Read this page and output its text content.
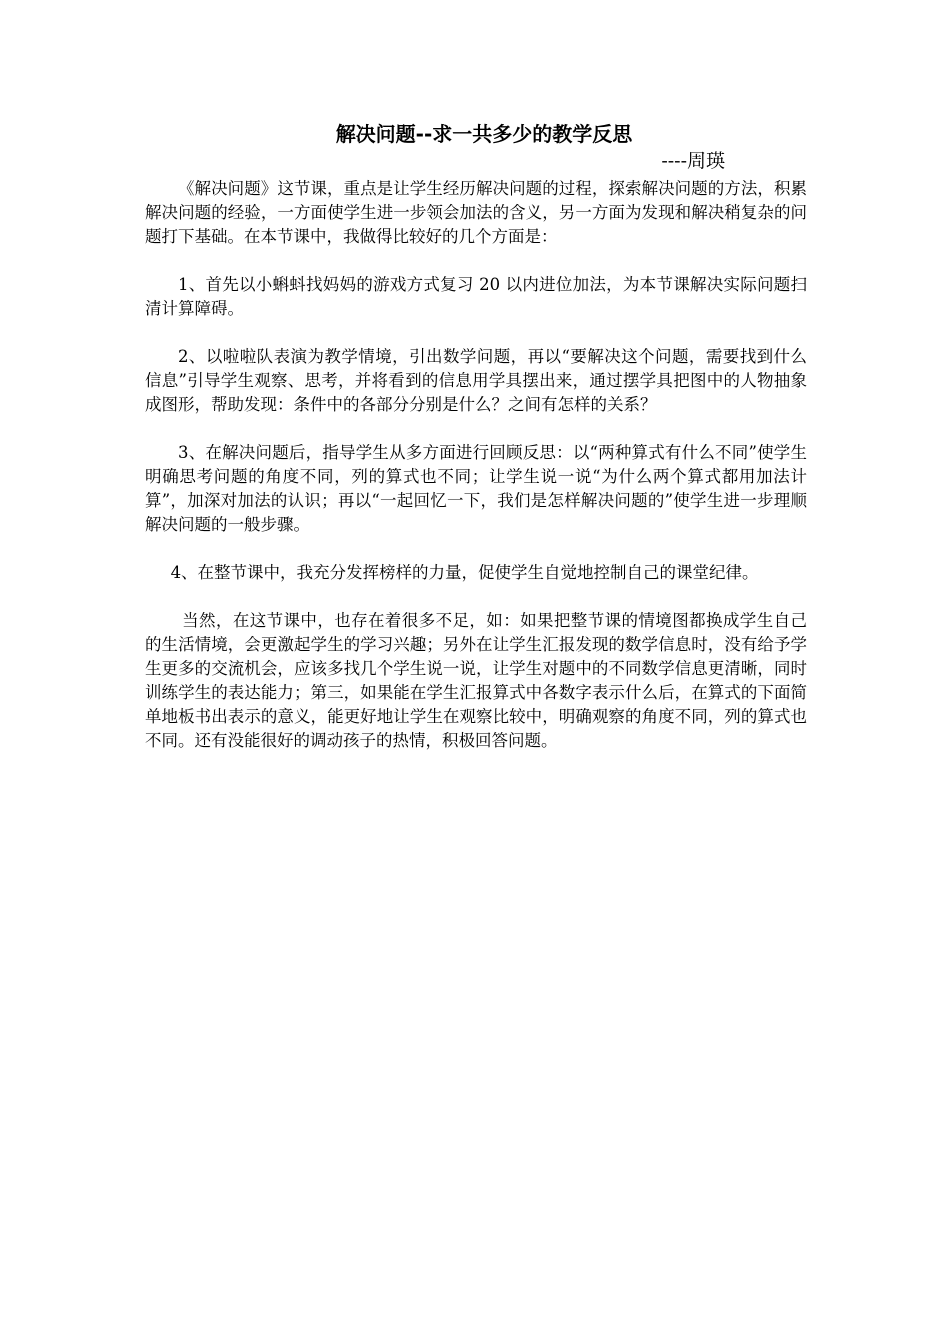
解决问题--求一共多少的教学反思

----周瑛

《解决问题》这节课，重点是让学生经历解决问题的过程，探索解决问题的方法，积累解决问题的经验，一方面使学生进一步领会加法的含义，另一方面为发现和解决稍复杂的问题打下基础。在本节课中，我做得比较好的几个方面是：

1、首先以小蝌蚪找妈妈的游戏方式复习 20 以内进位加法，为本节课解决实际问题扫清计算障碍。

2、以啦啦队表演为教学情境，引出数学问题，再以“要解决这个问题，需要找到什么信息”引导学生观察、思考，并将看到的信息用学具摆出来，通过摆学具把图中的人物抽象成图形，帮助发现：条件中的各部分分别是什么？之间有怎样的关系？

3、在解决问题后，指导学生从多方面进行回顾反思：以“两种算式有什么不同”使学生明确思考问题的角度不同，列的算式也不同；让学生说一说“为什么两个算式都用加法计算”，加深对加法的认识；再以“一起回忆一下，我们是怎样解决问题的”使学生进一步理顺解决问题的一般步骤。

4、在整节课中，我充分发挥榜样的力量，促使学生自觉地控制自己的课堂纪律。

当然，在这节课中，也存在着很多不足，如：如果把整节课的情境图都换成学生自己的生活情境，会更激起学生的学习兴趣；另外在让学生汇报发现的数学信息时，没有给予学生更多的交流机会，应该多找几个学生说一说，让学生对题中的不同数学信息更清晰，同时训练学生的表达能力；第三，如果能在学生汇报算式中各数字表示什么后，在算式的下面简单地板书出表示的意义，能更好地让学生在观察比较中，明确观察的角度不同，列的算式也不同。还有没能很好的调动孩子的热情，积极回答问题。
